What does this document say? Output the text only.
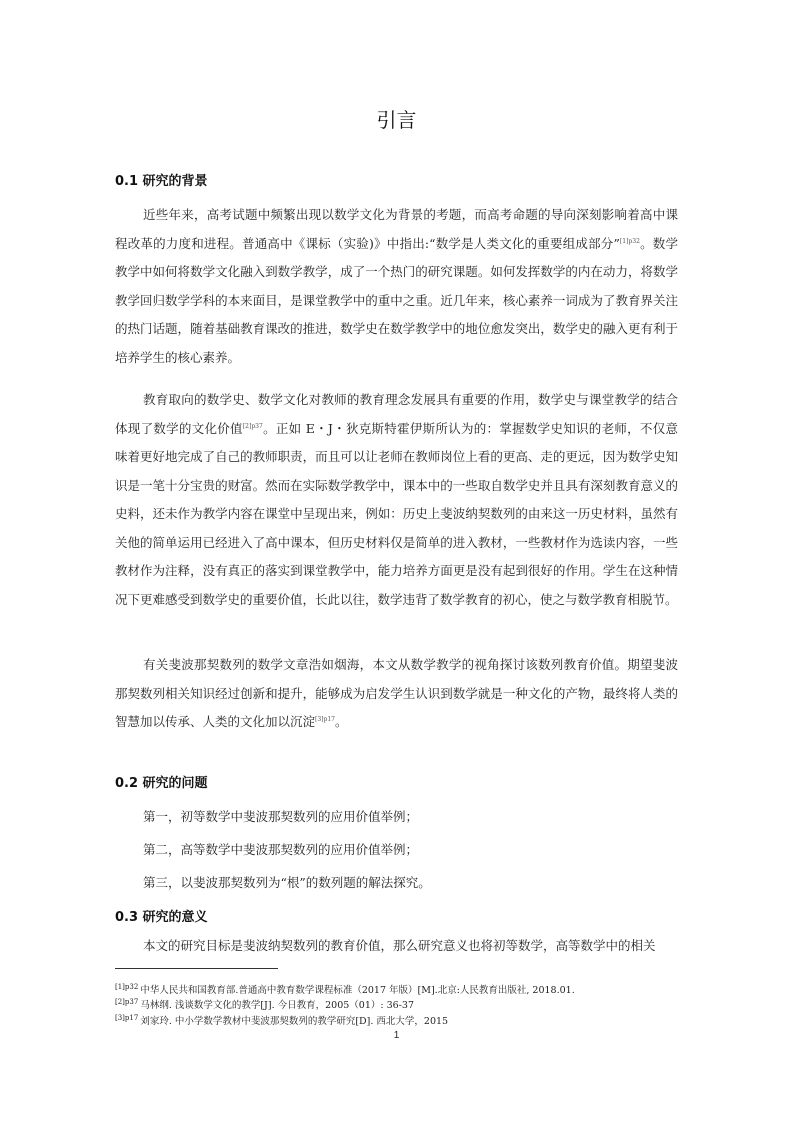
引言
0.1 研究的背景

近些年来，高考试题中频繁出现以数学文化为背景的考题，而高考命题的导向深刻影响着高中课程改革的力度和进程。普通高中《课标（实验)》中指出:“数学是人类文化的重要组成部分”$^{[1]p32}$。数学教学中如何将数学文化融入到数学教学，成了一个热门的研究课题。如何发挥数学的内在动力，将数学教学回归数学学科的本来面目，是课堂教学中的重中之重。近几年来，核心素养一词成为了教育界关注的热门话题，随着基础教育课改的推进，数学史在数学教学中的地位愈发突出，数学史的融入更有利于培养学生的核心素养。

教育取向的数学史、数学文化对教师的教育理念发展具有重要的作用，数学史与课堂教学的结合体现了数学的文化价值$^{[2]p37}$。正如 E・J・狄克斯特霍伊斯所认为的：掌握数学史知识的老师，不仅意味着更好地完成了自己的教师职责，而且可以让老师在教师岗位上看的更高、走的更远，因为数学史知识是一笔十分宝贵的财富。然而在实际数学教学中，课本中的一些取自数学史并且具有深刻教育意义的史料，还未作为教学内容在课堂中呈现出来，例如：历史上斐波纳契数列的由来这一历史材料，虽然有关他的简单运用已经进入了高中课本，但历史材料仅是简单的进入教材，一些教材作为选读内容，一些教材作为注释，没有真正的落实到课堂教学中，能力培养方面更是没有起到很好的作用。学生在这种情况下更难感受到数学史的重要价值，长此以往，数学违背了数学教育的初心，使之与数学教育相脱节。

有关斐波那契数列的数学文章浩如烟海，本文从数学教学的视角探讨该数列教育价值。期望斐波那契数列相关知识经过创新和提升，能够成为启发学生认识到数学就是一种文化的产物，最终将人类的智慧加以传承、人类的文化加以沉淀$^{[3]p17}$。

0.2 研究的问题

第一，初等数学中斐波那契数列的应用价值举例；

第二，高等数学中斐波那契数列的应用价值举例；

第三，以斐波那契数列为“根”的数列题的解法探究。

0.3 研究的意义

本文的研究目标是斐波纳契数列的教育价值，那么研究意义也将初等数学，高等数学中的相关

$^{[1]p32}$ 中华人民共和国教育部.普通高中教育数学课程标准（2017 年版）[M].北京:人民教育出版社, 2018.01.
$^{[2]p37}$ 马林纲. 浅谈数学文化的教学[J]. 今日教育，2005（01）: 36-37
$^{[3]p17}$ 刘家玲. 中小学数学教材中斐波那契数列的教学研究[D]. 西北大学，2015
1
